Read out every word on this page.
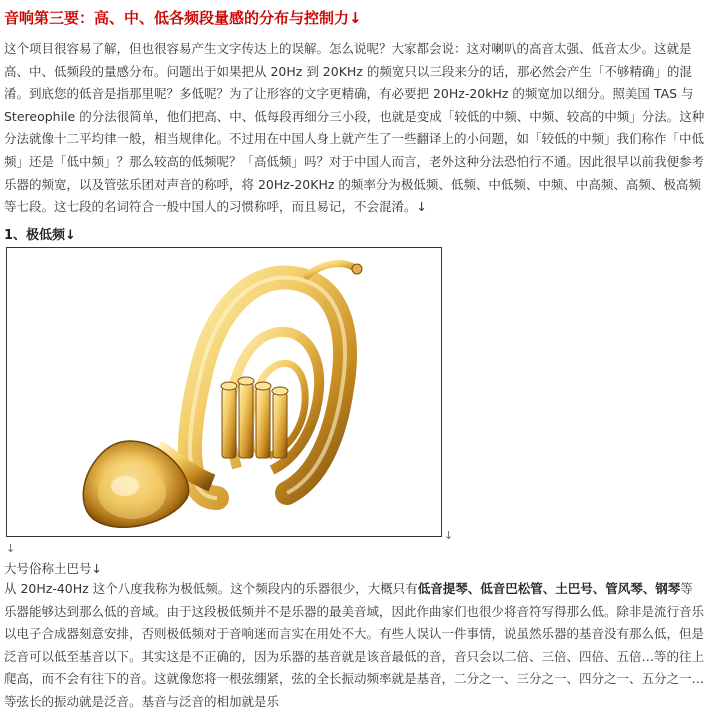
音响第三要：高、中、低各频段量感的分布与控制力↓
这个项目很容易了解，但也很容易产生文字传达上的误解。怎么说呢？大家都会说：这对喇叭的高音太强、低音太少。这就是高、中、低频段的量感分布。问题出于如果把从 20Hz 到 20KHz 的频宽只以三段来分的话，那必然会产生「不够精确」的混淆。到底您的低音是指那里呢？多低呢？为了让形容的文字更精确，有必要把 20Hz-20kHz 的频宽加以细分。照美国 TAS 与 Stereophile 的分法很简单，他们把高、中、低每段再细分三小段，也就是变成「较低的中频、中频、较高的中频」分法。这种分法就像十二平均律一般，相当规律化。不过用在中国人身上就产生了一些翻译上的小问题，如「较低的中频」我们称作「中低频」还是「低中频」？那么较高的低频呢？「高低频」吗？对于中国人而言，老外这种分法恐怕行不通。因此很早以前我便参考乐器的频宽，以及管弦乐团对声音的称呼，将 20Hz-20KHz 的频率分为极低频、低频、中低频、中频、中高频、高频、极高频等七段。这七段的名词符合一般中国人的习惯称呼，而且易记，不会混淆。↓
1、极低频↓
↓
↓
大号俗称土巴号↓
从 20Hz-40Hz 这个八度我称为极低频。这个频段内的乐器很少，大概只有低音提琴、低音巴松管、土巴号、管风琴、钢琴等乐器能够达到那么低的音域。由于这段极低频并不是乐器的最美音域，因此作曲家们也很少将音符写得那么低。除非是流行音乐以电子合成器刻意安排，否则极低频对于音响迷而言实在用处不大。有些人误认一件事情，说虽然乐器的基音没有那么低，但是泛音可以低至基音以下。其实这是不正确的，因为乐器的基音就是该音最低的音，音只会以二倍、三倍、四倍、五倍…等的往上爬高，而不会有往下的音。这就像您将一根弦绷紧，弦的全长振动频率就是基音，二分之一、三分之一、四分之一、五分之一…等弦长的振动就是泛音。基音与泛音的相加就是乐
